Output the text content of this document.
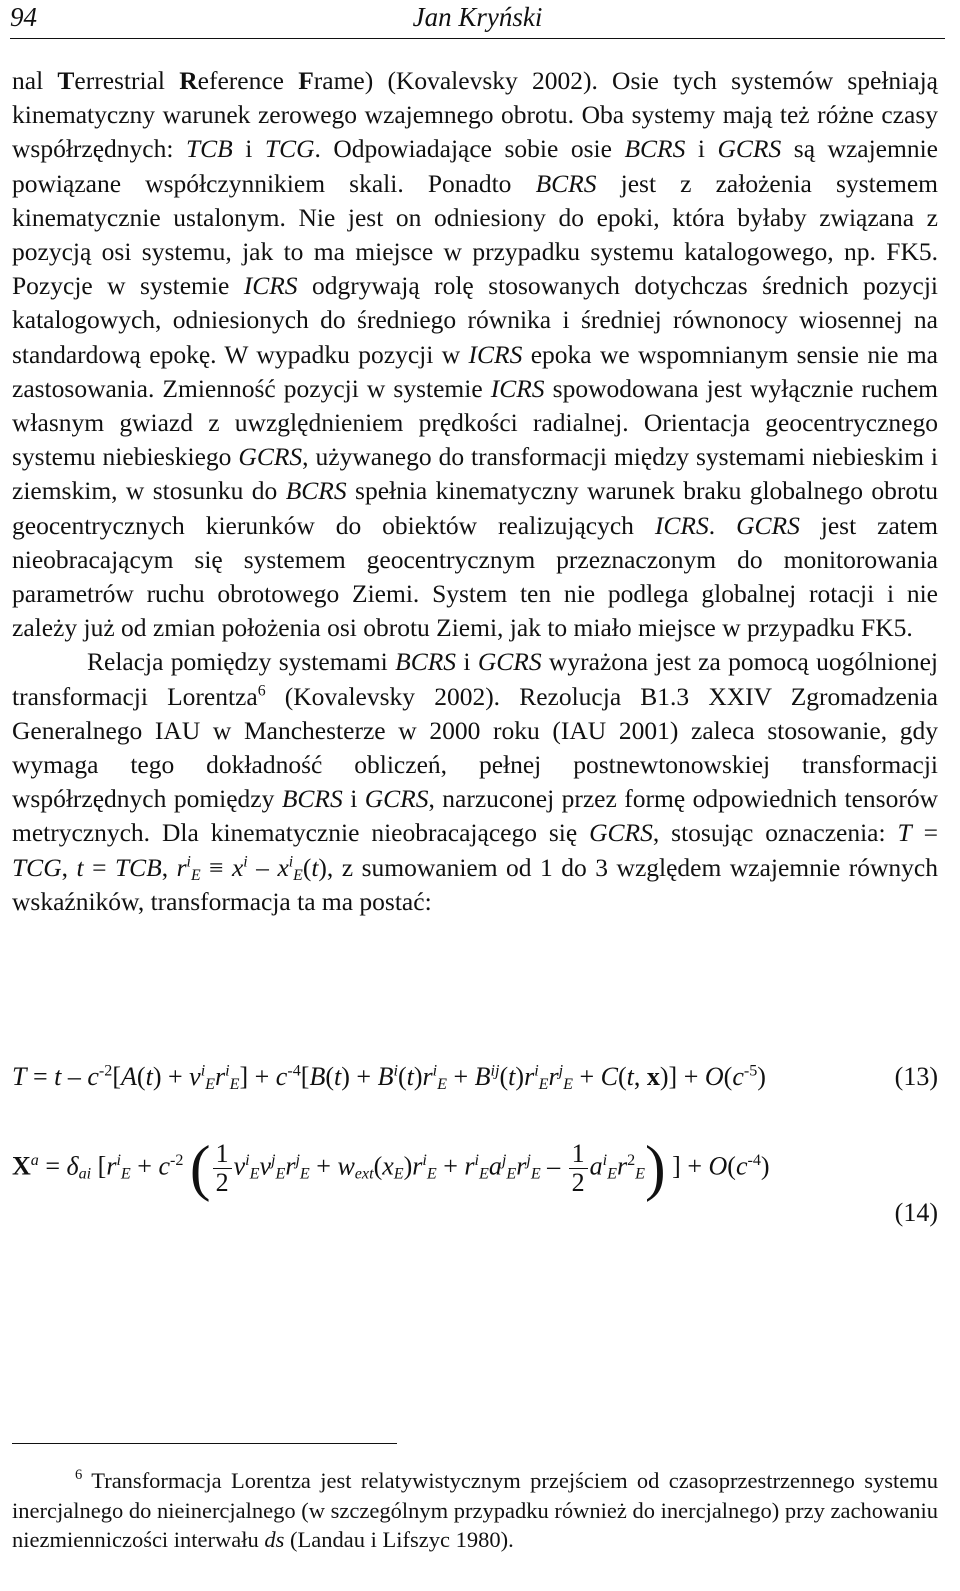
94	Jan Kryński

nal Terrestrial Reference Frame) (Kovalevsky 2002). Osie tych systemów spełniają kinematyczny warunek zerowego wzajemnego obrotu. Oba systemy mają też różne czasy współrzędnych: TCB i TCG. Odpowiadające sobie osie BCRS i GCRS są wzajemnie powiązane współczynnikiem skali. Ponadto BCRS jest z założenia systemem kinematycznie ustalonym. Nie jest on odniesiony do epoki, która byłaby związana z pozycją osi systemu, jak to ma miejsce w przypadku systemu katalogowego, np. FK5. Pozycje w systemie ICRS odgrywają rolę stosowanych dotychczas średnich pozycji katalogowych, odniesionych do średniego równika i średniej równonocy wiosennej na standardową epokę. W wypadku pozycji w ICRS epoka we wspomnianym sensie nie ma zastosowania. Zmienność pozycji w systemie ICRS spowodowana jest wyłącznie ruchem własnym gwiazd z uwzględnieniem prędkości radialnej. Orientacja geocentrycznego systemu niebieskiego GCRS, używanego do transformacji między systemami niebieskim i ziemskim, w stosunku do BCRS spełnia kinematyczny warunek braku globalnego obrotu geocentrycznych kierunków do obiektów realizujących ICRS. GCRS jest zatem nieobracającym się systemem geocentrycznym przeznaczonym do monitorowania parametrów ruchu obrotowego Ziemi. System ten nie podlega globalnej rotacji i nie zależy już od zmian położenia osi obrotu Ziemi, jak to miało miejsce w przypadku FK5.

Relacja pomiędzy systemami BCRS i GCRS wyrażona jest za pomocą uogólnionej transformacji Lorentza$^6$ (Kovalevsky 2002). Rezolucja B1.3 XXIV Zgromadzenia Generalnego IAU w Manchesterze w 2000 roku (IAU 2001) zaleca stosowanie, gdy wymaga tego dokładność obliczeń, pełnej postnewtonowskiej transformacji współrzędnych pomiędzy BCRS i GCRS, narzuconej przez formę odpowiednich tensorów metrycznych. Dla kinematycznie nieobracającego się GCRS, stosując oznaczenia: T = TCG, t = TCB, $r^i_E \equiv x^i - x^i_E(t)$, z sumowaniem od 1 do 3 względem wzajemnie równych wskaźników, transformacja ta ma postać:

$T = t - c^{-2}[A(t) + v^i_Er^i_E] + c^{-4}[B(t) + B^i(t)r^i_E + B^{ij}(t)r^i_Er^j_E + C(t$, $x)] + O(c^{-5})$	(13)
$X^a = \delta_{ai}$ [$r^i_E + c^{-2}$ ( $\frac{1}{2} v^i_Ev^j_Er^j_E + w_{ext}(x_E)r^i_E + r^i_Ea^j_Er^j_E - \frac{1}{2} a^i_Er^2_E$) ] + $O(c^{-4})$
(14)

$^6$ Transformacja Lorentza jest relatywistycznym przejściem od czasoprzestrzennego systemu inercjalnego do nieinercjalnego (w szczególnym przypadku również do inercjalnego) przy zachowaniu niezmienniczości interwału ds (Landau i Lifszyc 1980).
